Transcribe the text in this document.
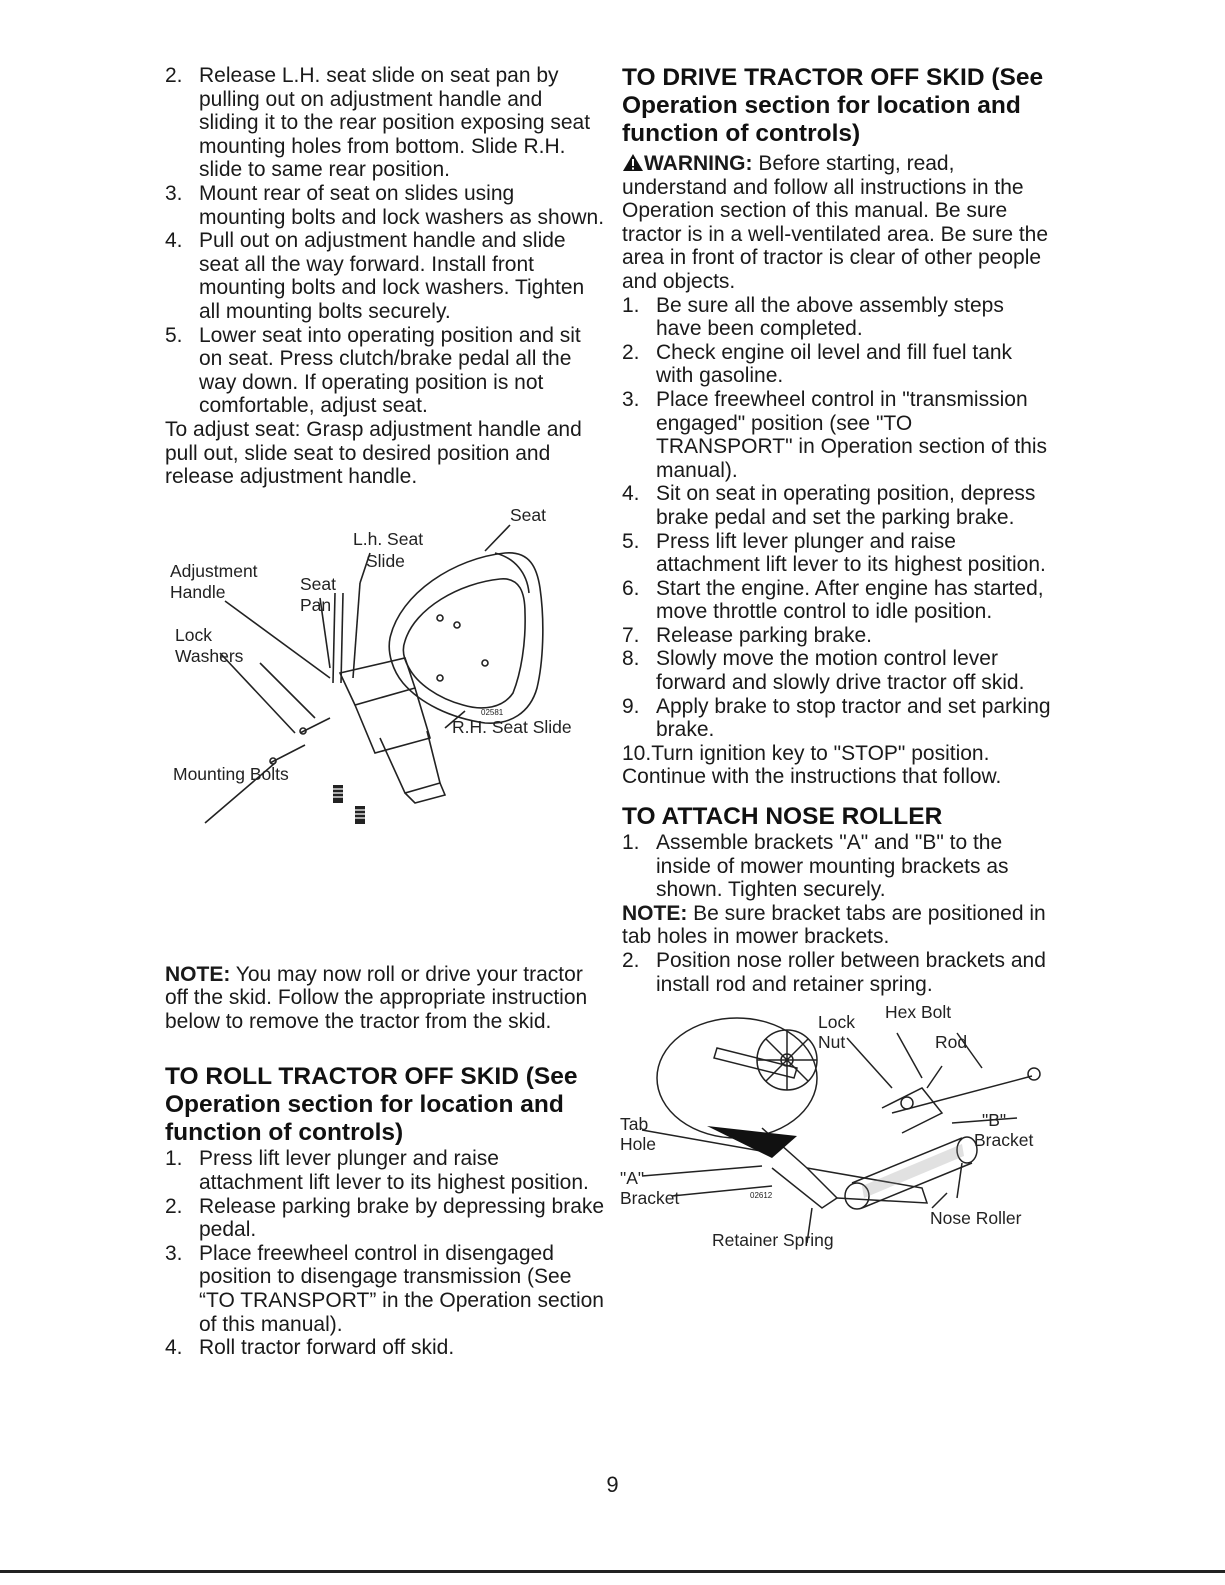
2. Release L.H. seat slide on seat pan by pulling out on adjustment handle and sliding it to the rear position exposing seat mounting holes from bottom. Slide R.H. slide to same rear position.
3. Mount rear of seat on slides using mounting bolts and lock washers as shown.
4. Pull out on adjustment handle and slide seat all the way forward. Install front mounting bolts and lock washers. Tighten all mounting bolts securely.
5. Lower seat into operating position and sit on seat. Press clutch/brake pedal all the way down. If operating position is not comfortable, adjust seat.

To adjust seat: Grasp adjustment handle and pull out, slide seat to desired position and release adjustment handle.

Seat
L.h. Seat
Slide
Adjustment
Handle	Seat
Pan
Lock
Washers
R.H. Seat Slide
Mounting Bolts
02581

NOTE: You may now roll or drive your tractor off the skid. Follow the appropriate instruction below to remove the tractor from the skid.

TO ROLL TRACTOR OFF SKID (See Operation section for location and function of controls)
1. Press lift lever plunger and raise attachment lift lever to its highest position.
2. Release parking brake by depressing brake pedal.
3. Place freewheel control in disengaged position to disengage transmission (See “TO TRANSPORT” in the Operation section of this manual).
4. Roll tractor forward off skid.
TO DRIVE TRACTOR OFF SKID (See Operation section for location and function of controls)

WARNING: Before starting, read, understand and follow all instructions in the Operation section of this manual. Be sure tractor is in a well-ventilated area. Be sure the area in front of tractor is clear of other people and objects.

1. Be sure all the above assembly steps have been completed.
2. Check engine oil level and fill fuel tank with gasoline.
3. Place freewheel control in "transmission engaged" position (see "TO TRANSPORT" in Operation section of this manual).
4. Sit on seat in operating position, depress brake pedal and set the parking brake.
5. Press lift lever plunger and raise attachment lift lever to its highest position.
6. Start the engine. After engine has started, move throttle control to idle position.
7. Release parking brake.
8. Slowly move the motion control lever forward and slowly drive tractor off skid.
9. Apply brake to stop tractor and set parking brake.

10.Turn ignition key to "STOP" position.

Continue with the instructions that follow.

TO ATTACH NOSE ROLLER
1. Assemble brackets "A" and "B" to the inside of mower mounting brackets as shown. Tighten securely.

NOTE: Be sure bracket tabs are positioned in tab holes in mower brackets.

2. Position nose roller between brackets and install rod and retainer spring.
Lock
Nut
Hex Bolt
Rod
Tab
Hole
"B"
Bracket
"A"
Bracket
Nose Roller
Retainer Spring
02612
9
